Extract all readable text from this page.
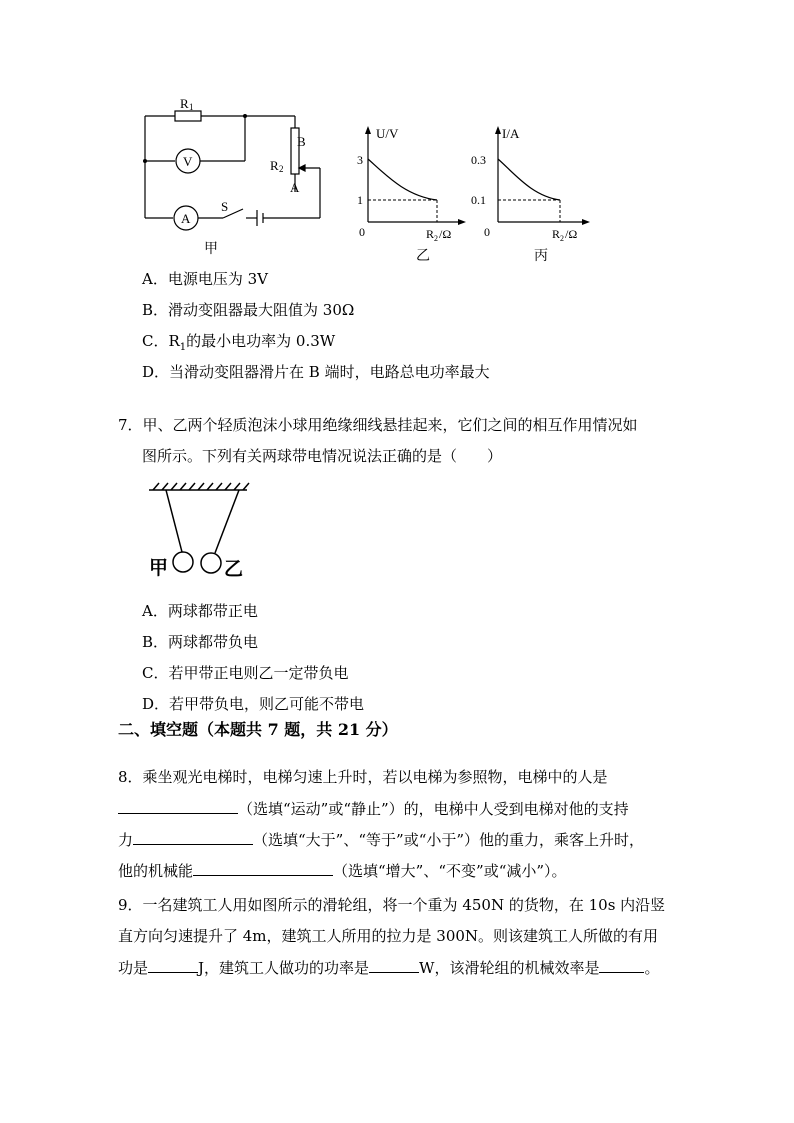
R 1
B
R 2
A
V
A
S
甲
U/V
3
1
0	R 2 /Ω
乙
I/A
0.3
0.1
0	R 2 /Ω
丙
A．电源电压为 3V
B．滑动变阻器最大阻值为 30Ω
C．$R_1$的最小电功率为 0.3W
D．当滑动变阻器滑片在 B 端时，电路总电功率最大
7．甲、乙两个轻质泡沫小球用绝缘细线悬挂起来，它们之间的相互作用情况如
图所示。下列有关两球带电情况说法正确的是（　　）
甲	乙
A．两球都带正电
B．两球都带负电
C．若甲带正电则乙一定带负电
D．若甲带负电，则乙可能不带电
二、填空题（本题共 7 题，共 21 分）
8．乘坐观光电梯时，电梯匀速上升时，若以电梯为参照物，电梯中的人是
（选填“运动”或“静止”）的，电梯中人受到电梯对他的支持
力	（选填“大于”、“等于”或“小于”）他的重力，乘客上升时，
他的机械能	（选填“增大”、“不变”或“减小”）。
9．一名建筑工人用如图所示的滑轮组，将一个重为 450N 的货物，在 10s 内沿竖
直方向匀速提升了 4m，建筑工人所用的拉力是 300N。则该建筑工人所做的有用
功是	J，建筑工人做功的功率是	W，该滑轮组的机械效率是	。
